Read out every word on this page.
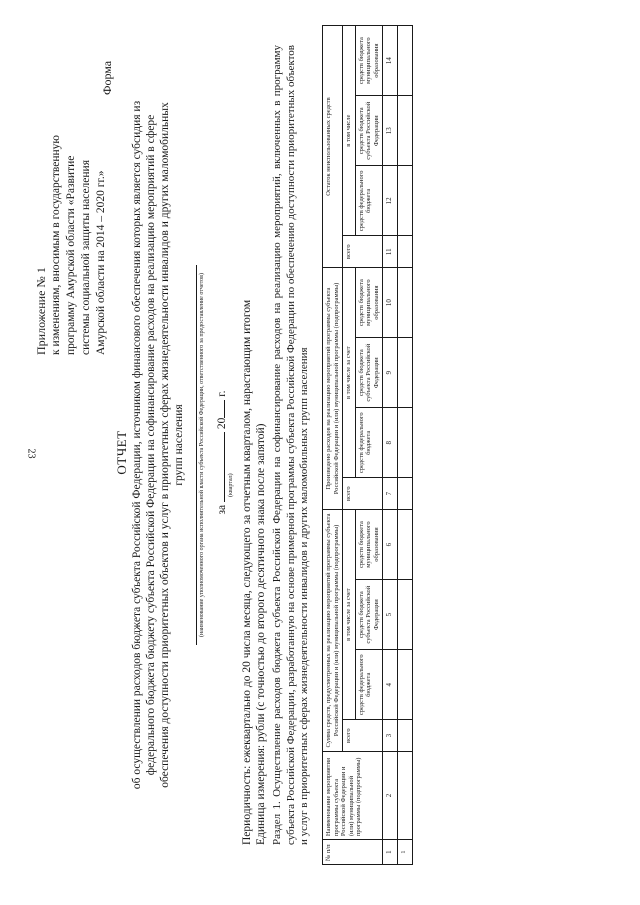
23
Приложение № 1 к изменениям, вносимым в государственную программу Амурской области «Развитие системы социальной защиты населения Амурской области на 2014 – 2020 гг.»
Форма
ОТЧЕТ об осуществлении расходов бюджета субъекта Российской Федерации, источником финансового обеспечения которых является субсидия из федерального бюджета бюджету субъекта Российской Федерации на софинансирование расходов на реализацию мероприятий в сфере обеспечения доступности приоритетных объектов и услуг в приоритетных сферах жизнедеятельности инвалидов и других маломобильных групп населения (наименование уполномоченного органа исполнительной власти субъекта Российской Федерации, ответственного за предоставление отчетов) за  20 г.
(квартал) Периодичность: ежеквартально до 20 числа месяца, следующего за отчетным кварталом, нарастающим итогом Единица измерения: рубли (с точностью до второго десятичного знака после запятой) Раздел 1. Осуществление расходов бюджета субъекта Российской Федерации на софинансирование расходов на реализацию мероприятий, включенных в программу субъекта Российской Федерации, разработанную на основе примерной программы субъекта Российской Федерации по обеспечению доступности приоритетных объектов и услуг в приоритетных сферах жизнедеятельности инвалидов и других маломобильных групп населения
№ п/п	Наименование мероприятия программы субъекта Российской Федерации и (или) муниципальной программы (подпрограммы)	Сумма средств, предусмотренных на реализацию мероприятий программы субъекта Российской Федерации и (или) муниципальной программы (подпрограммы)				Произведено расходов на реализацию мероприятий программы субъекта Российской Федерации и (или) муниципальной программы (подпрограммы)				Остаток неиспользованных средств			
		всего	в том числе за счет			всего	в том числе за счет			всего	в том числе		
			средств федерального бюджета	средств бюджета субъекта Российской Федерации	средств бюджета муниципального образования		средств федерального бюджета	средств бюджета субъекта Российской Федерации	средств бюджета муниципального образования		средств федерального бюджета	средств бюджета субъекта Российской Федерации	средств бюджета муниципального образования
1	2	3	4	5	6	7	8	9	10	11	12	13	14
1													
